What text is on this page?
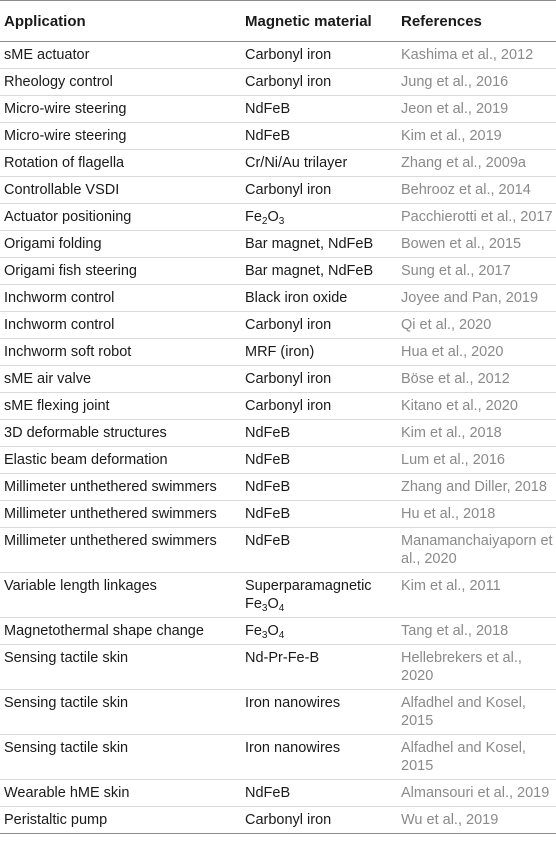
Application	Magnetic material	References
sME actuator	Carbonyl iron	Kashima et al., 2012
Rheology control	Carbonyl iron	Jung et al., 2016
Micro-wire steering	NdFeB	Jeon et al., 2019
Micro-wire steering	NdFeB	Kim et al., 2019
Rotation of flagella	Cr/Ni/Au trilayer	Zhang et al., 2009a
Controllable VSDI	Carbonyl iron	Behrooz et al., 2014
Actuator positioning	$Fe_2O_3$	Pacchierotti et al., 2017
Origami folding	Bar magnet, NdFeB	Bowen et al., 2015
Origami fish steering	Bar magnet, NdFeB	Sung et al., 2017
Inchworm control	Black iron oxide	Joyee and Pan, 2019
Inchworm control	Carbonyl iron	Qi et al., 2020
Inchworm soft robot	MRF (iron)	Hua et al., 2020
sME air valve	Carbonyl iron	Böse et al., 2012
sME flexing joint	Carbonyl iron	Kitano et al., 2020
3D deformable structures	NdFeB	Kim et al., 2018
Elastic beam deformation	NdFeB	Lum et al., 2016
Millimeter unthethered swimmers	NdFeB	Zhang and Diller, 2018
Millimeter unthethered swimmers	NdFeB	Hu et al., 2018
Millimeter unthethered swimmers	NdFeB	Manamanchaiyaporn et al., 2020
Variable length linkages	Superparamagnetic $Fe_3O_4$	Kim et al., 2011
Magnetothermal shape change	$Fe_3O_4$	Tang et al., 2018
Sensing tactile skin	Nd-Pr-Fe-B	Hellebrekers et al., 2020
Sensing tactile skin	Iron nanowires	Alfadhel and Kosel, 2015
Sensing tactile skin	Iron nanowires	Alfadhel and Kosel, 2015
Wearable hME skin	NdFeB	Almansouri et al., 2019
Peristaltic pump	Carbonyl iron	Wu et al., 2019
